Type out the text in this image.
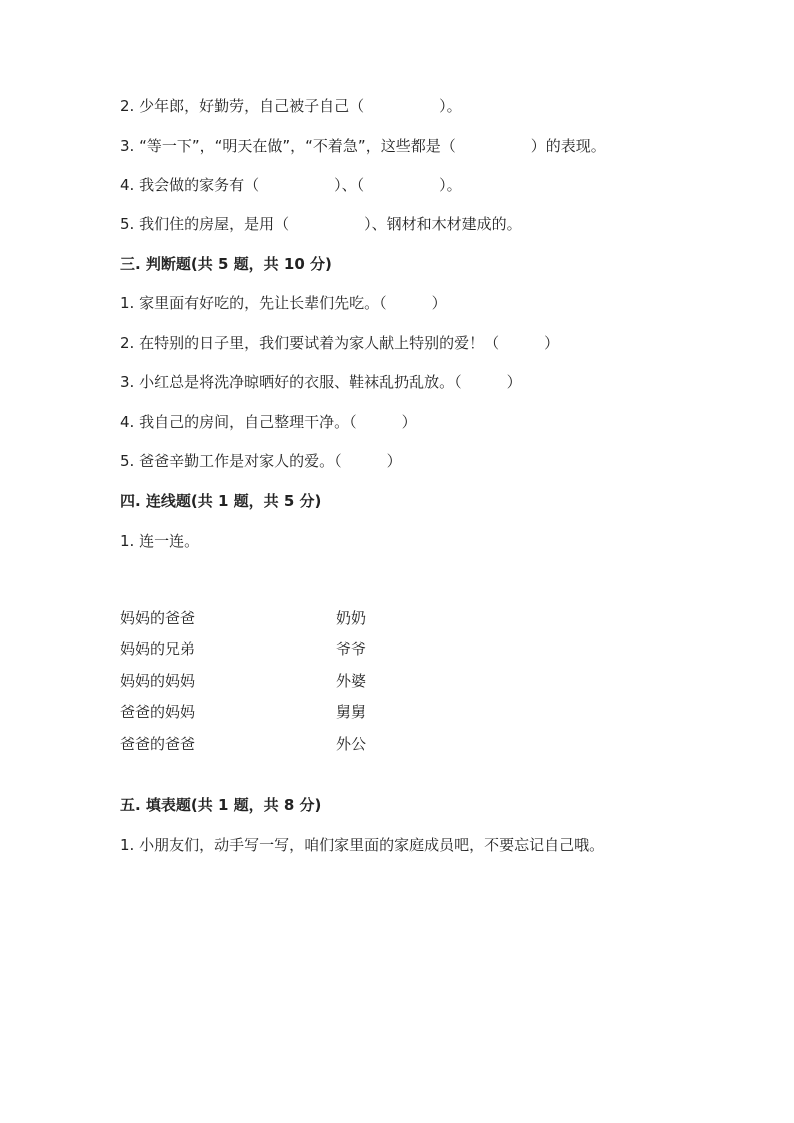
2. 少年郎，好勤劳，自己被子自己（　　　　　）。
3. “等一下”，“明天在做”，“不着急”，这些都是（　　　　　）的表现。
4. 我会做的家务有（　　　　　）、（　　　　　）。
5. 我们住的房屋，是用（　　　　　）、钢材和木材建成的。
三. 判断题(共 5 题，共 10 分)
1. 家里面有好吃的，先让长辈们先吃。（　　　）
2. 在特别的日子里，我们要试着为家人献上特别的爱！（　　　）
3. 小红总是将洗净晾晒好的衣服、鞋袜乱扔乱放。（　　　）
4. 我自己的房间，自己整理干净。（　　　）
5. 爸爸辛勤工作是对家人的爱。（　　　）
四. 连线题(共 1 题，共 5 分)
1. 连一连。
妈妈的爸爸
妈妈的兄弟
妈妈的妈妈
爸爸的妈妈
爸爸的爸爸
奶奶
爷爷
外婆
舅舅
外公
五. 填表题(共 1 题，共 8 分)
1. 小朋友们，动手写一写，咱们家里面的家庭成员吧，不要忘记自己哦。
